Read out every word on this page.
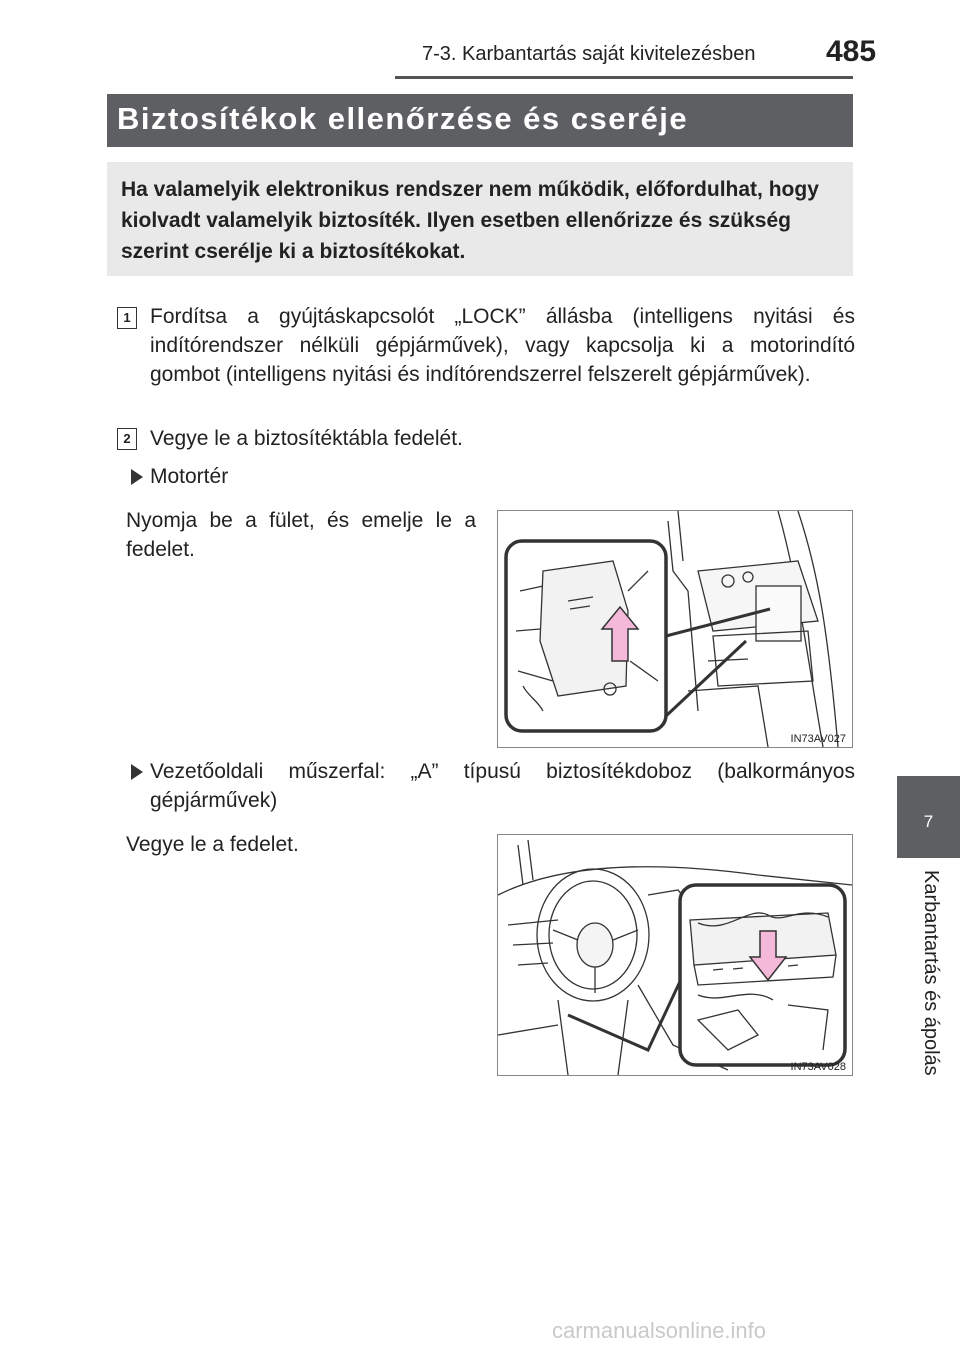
7-3. Karbantartás saját kivitelezésben 485
Biztosítékok ellenőrzése és cseréje
Ha valamelyik elektronikus rendszer nem működik, előfordulhat, hogy kiolvadt valamelyik biztosíték. Ilyen esetben ellenőrizze és szükség szerint cserélje ki a biztosítékokat.
1 Fordítsa a gyújtáskapcsolót „LOCK” állásba (intelligens nyitási és indítórendszer nélküli gépjárművek), vagy kapcsolja ki a motorindító gombot (intelligens nyitási és indítórendszerrel felszerelt gépjárművek).
2 Vegye le a biztosítéktábla fedelét.
Motortér
Nyomja be a fület, és emelje le a fedelet.
IN73AV027
Vezetőoldali műszerfal: „A” típusú biztosítékdoboz (balkormányos gépjárművek)
Vegye le a fedelet.
IN73AV028
7
Karbantartás és ápolás
carmanualsonline.info
